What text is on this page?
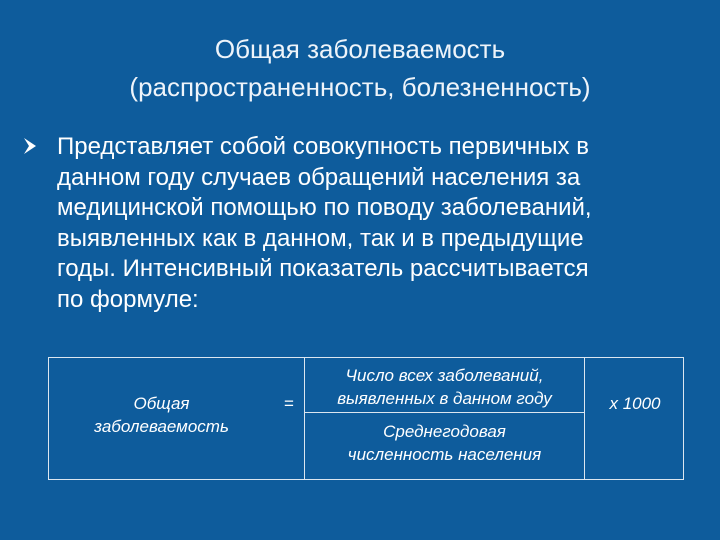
Общая заболеваемость
(распространенность, болезненность)
Представляет собой совокупность первичных в
данном году случаев обращений населения за
медицинской помощью по поводу заболеваний,
выявленных как в данном, так и в предыдущие
годы. Интенсивный показатель рассчитывается
по формуле:
Общая
заболеваемость
=
Число всех заболеваний,
выявленных в данном году
Среднегодовая
численность населения
х 1000
